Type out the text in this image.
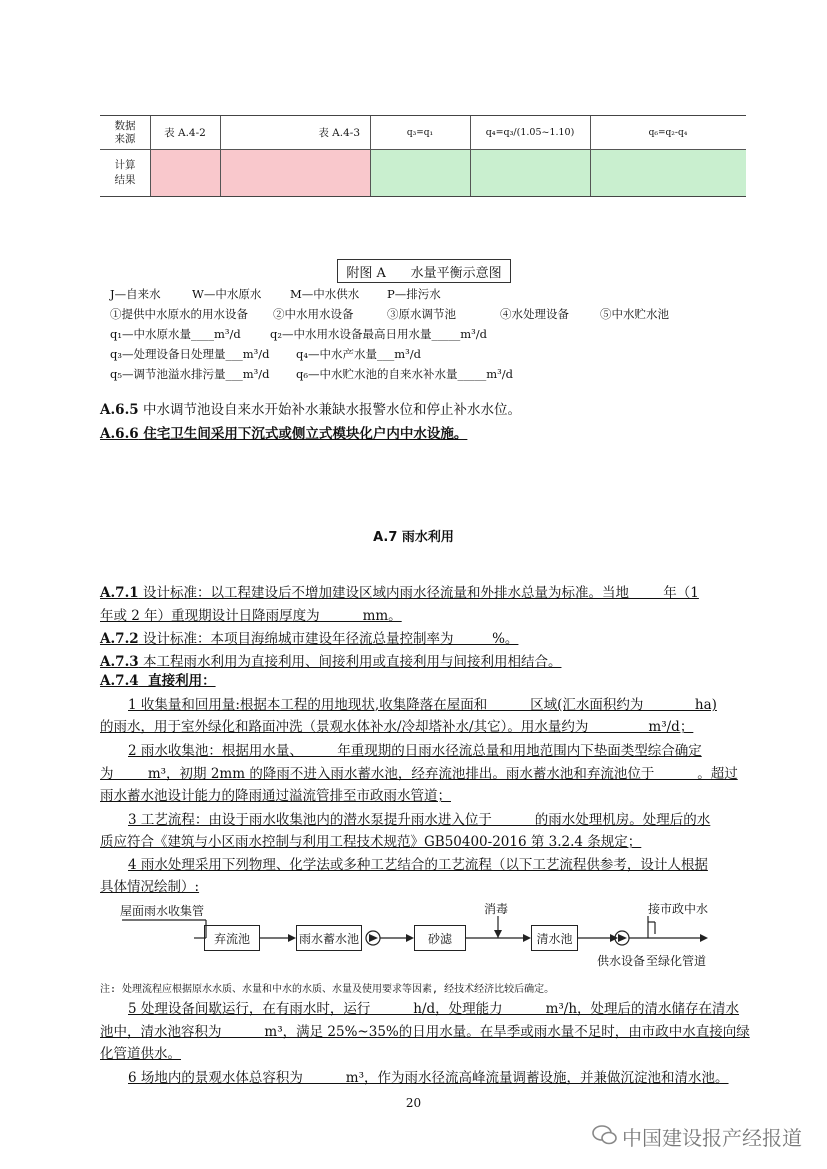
数据
来源	表 A.4-2	表 A.4-3	q₃=q₁	q₄=q₃/(1.05~1.10)	q₆=q₂-q₄
计算
结果
附图 A      水量平衡示意图
J—自来水	W—中水原水 M—中水供水 P—排污水
①提供中水原水的用水设备 ②中水用水设备	③原水调节池	④水处理设备	⑤中水贮水池
q₁—中水原水量____m³/d	q₂—中水用水设备最高日用水量_____m³/d
q₃—处理设备日处理量___m³/d q₄—中水产水量___m³/d
q₅—调节池溢水排污量___m³/d q₆—中水贮水池的自来水补水量_____m³/d
A.6.5 中水调节池设自来水开始补水兼缺水报警水位和停止补水水位。
A.6.6 住宅卫生间采用下沉式或侧立式模块化户内中水设施。
A.7 雨水利用
A.7.1 设计标准：以工程建设后不增加建设区域内雨水径流量和外排水总量为标准。当地        年（1
年或 2 年）重现期设计日降雨厚度为          mm。
A.7.2 设计标准：本项目海绵城市建设年径流总量控制率为         %。
A.7.3 本工程雨水利用为直接利用、间接利用或直接利用与间接利用相结合。
A.7.4  直接利用：
1 收集量和回用量:根据本工程的用地现状,收集降落在屋面和          区域(汇水面积约为            ha)
的雨水，用于室外绿化和路面冲洗（景观水体补水/冷却塔补水/其它）。用水量约为              m³/d；
2 雨水收集池：根据用水量、        年重现期的日雨水径流总量和用地范围内下垫面类型综合确定
为        m³，初期 2mm 的降雨不进入雨水蓄水池，经弃流池排出。雨水蓄水池和弃流池位于          。超过
雨水蓄水池设计能力的降雨通过溢流管排至市政雨水管道；
3 工艺流程：由设于雨水收集池内的潜水泵提升雨水进入位于          的雨水处理机房。处理后的水
质应符合《建筑与小区雨水控制与利用工程技术规范》GB50400-2016 第 3.2.4 条规定；
4 雨水处理采用下列物理、化学法或多种工艺结合的工艺流程（以下工艺流程供参考，设计人根据
具体情况绘制）:
屋面雨水收集管
弃流池	雨水蓄水池	砂滤	清水池
消毒	接市政中水
供水设备 至绿化管道
注: 处理流程应根据原水水质、水量和中水的水质、水量及使用要求等因素, 经技术经济比较后确定。
5 处理设备间歇运行，在有雨水时，运行          h/d，处理能力          m³/h，处理后的清水储存在清水
池中，清水池容积为          m³，满足 25%~35%的日用水量。在旱季或雨水量不足时，由市政中水直接向绿
化管道供水。
6 场地内的景观水体总容积为          m³，作为雨水径流高峰流量调蓄设施，并兼做沉淀池和清水池。
20
中国建设报产经报道
